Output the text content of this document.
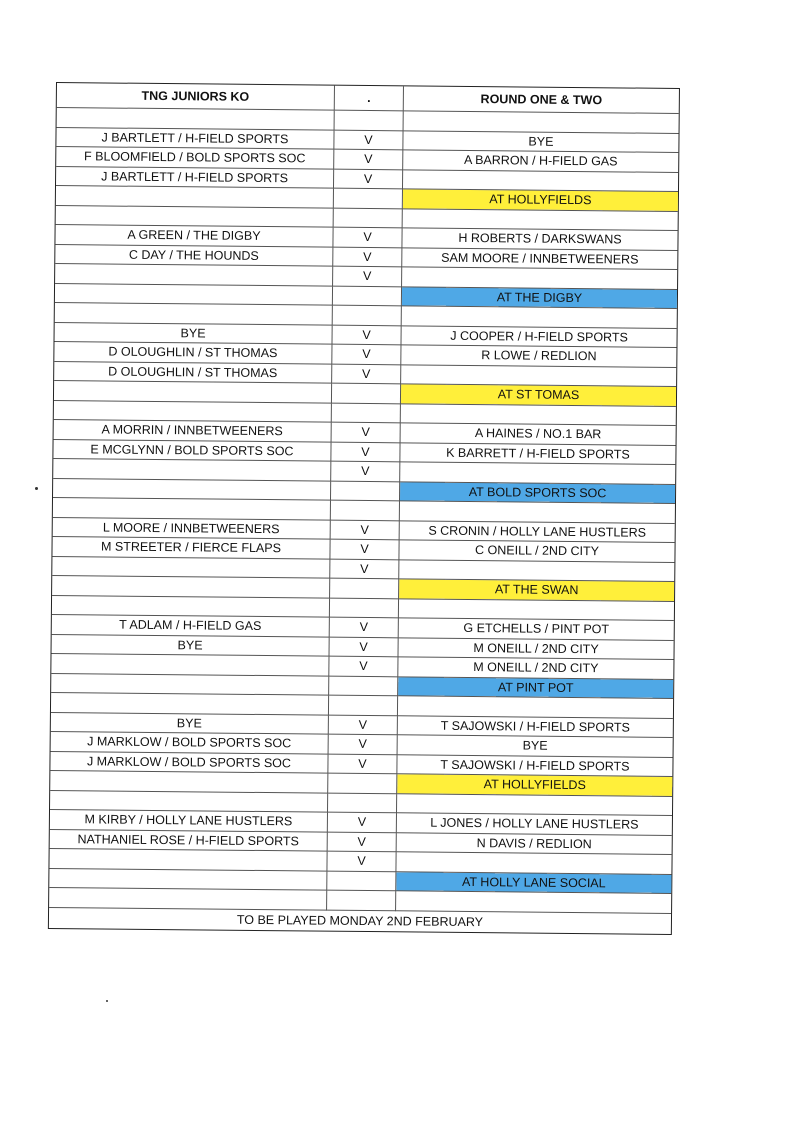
TNG JUNIORS KO	.	ROUND ONE & TWO

J BARTLETT / H-FIELD SPORTS	V	BYE
F BLOOMFIELD / BOLD SPORTS SOC	V	A BARRON / H-FIELD GAS
J BARTLETT / H-FIELD SPORTS	V	
		AT HOLLYFIELDS

A GREEN / THE DIGBY	V	H ROBERTS / DARKSWANS
C DAY / THE HOUNDS	V	SAM MOORE / INNBETWEENERS
	V	
		AT THE DIGBY

BYE	V	J COOPER / H-FIELD SPORTS
D OLOUGHLIN / ST THOMAS	V	R LOWE / REDLION
D OLOUGHLIN / ST THOMAS	V	
		AT ST TOMAS

A MORRIN / INNBETWEENERS	V	A HAINES / NO.1 BAR
E MCGLYNN / BOLD SPORTS SOC	V	K BARRETT / H-FIELD SPORTS
	V	
		AT BOLD SPORTS SOC

L MOORE / INNBETWEENERS	V	S CRONIN / HOLLY LANE HUSTLERS
M STREETER / FIERCE FLAPS	V	C ONEILL / 2ND CITY
	V	
		AT THE SWAN

T ADLAM / H-FIELD GAS	V	G ETCHELLS / PINT POT
BYE	V	M ONEILL / 2ND CITY
	V	M ONEILL / 2ND CITY
		AT PINT POT

BYE	V	T SAJOWSKI / H-FIELD SPORTS
J MARKLOW / BOLD SPORTS SOC	V	BYE
J MARKLOW / BOLD SPORTS SOC	V	T SAJOWSKI / H-FIELD SPORTS
		AT HOLLYFIELDS

M KIRBY / HOLLY LANE HUSTLERS	V	L JONES / HOLLY LANE HUSTLERS
NATHANIEL ROSE / H-FIELD SPORTS	V	N DAVIS / REDLION
	V	
		AT HOLLY LANE SOCIAL

TO BE PLAYED MONDAY 2ND FEBRUARY		
